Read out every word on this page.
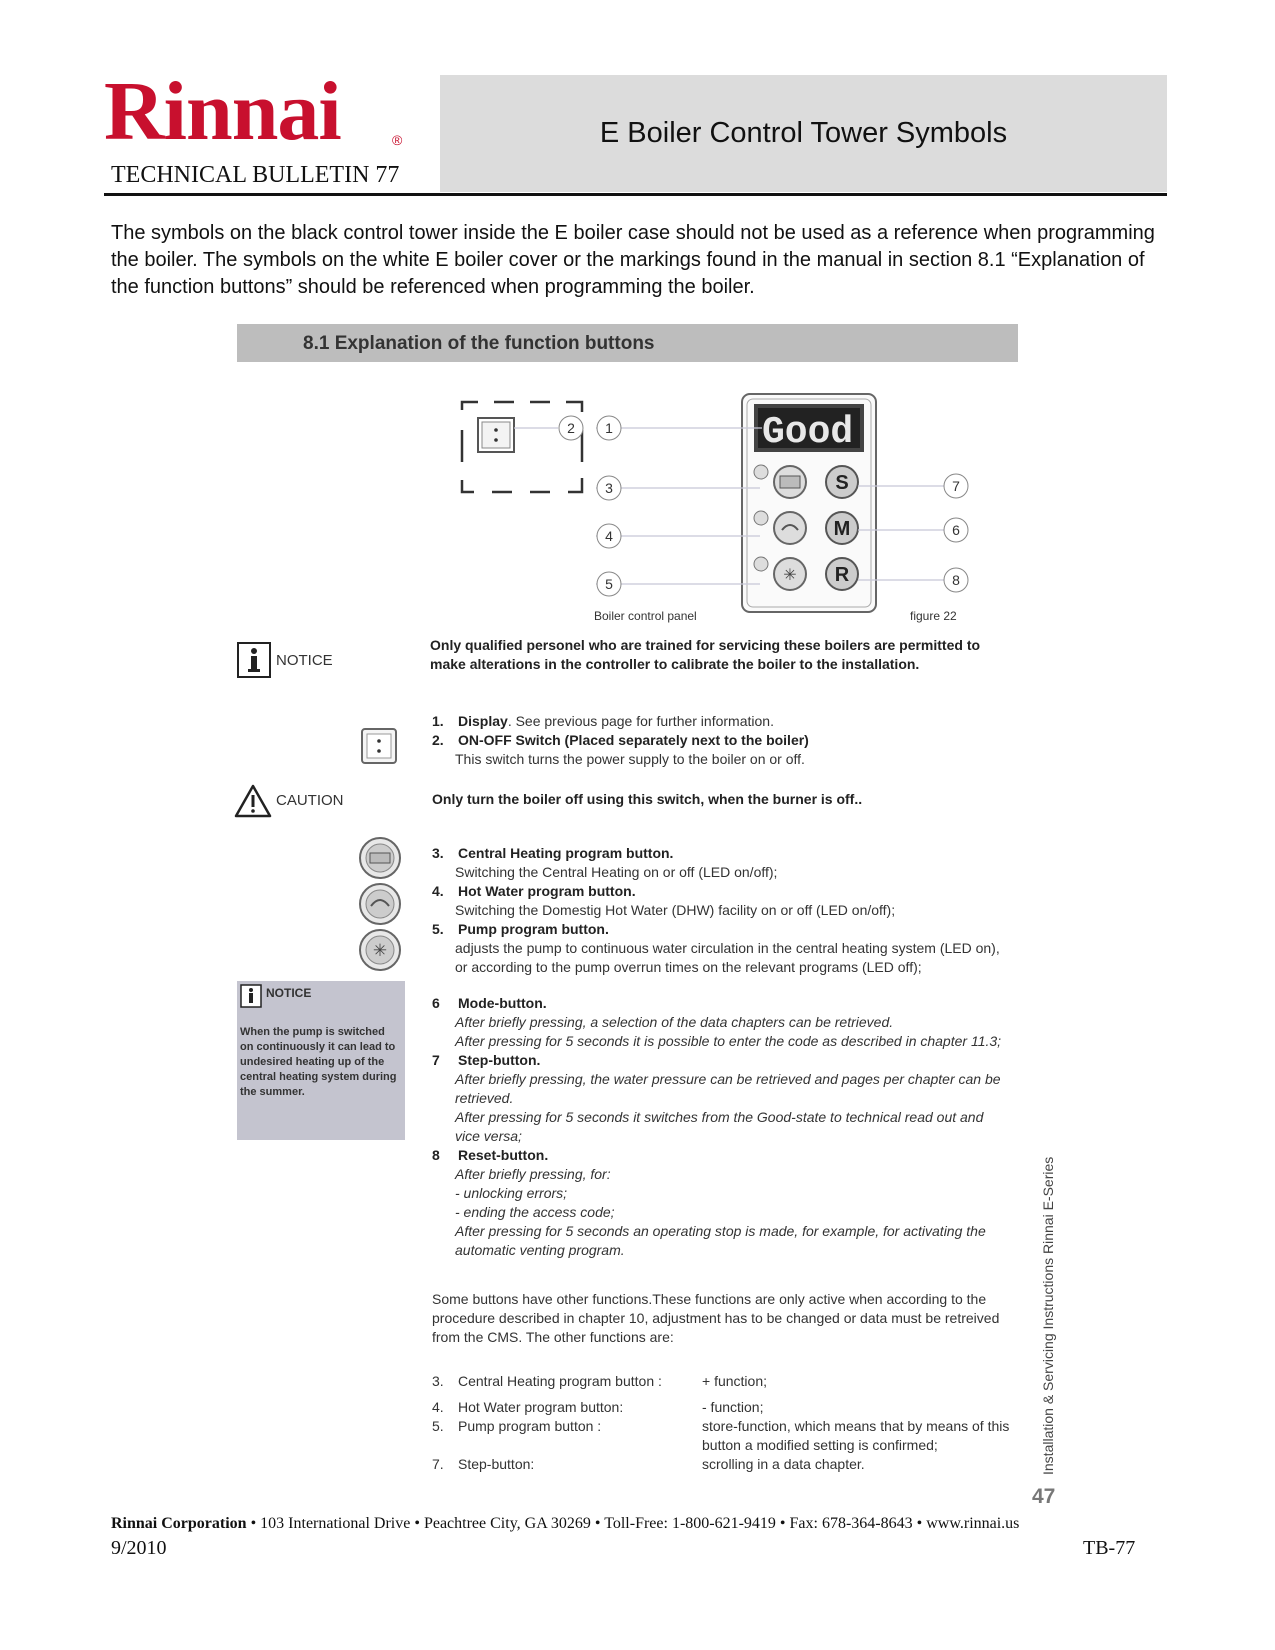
Rinnai	®
TECHNICAL BULLETIN 77
E Boiler Control Tower Symbols
The symbols on the black control tower inside the E boiler case should not be used as a reference when programming the boiler. The symbols on the white E boiler cover or the markings found in the manual in section 8.1 “Explanation of the function buttons” should be referenced when programming the boiler.
8.1 Explanation of the function buttons
Good
✳
S
M
R
1
2
3
4
5
6
7
8
Boiler control panel	figure 22
NOTICE
Only qualified personel who are trained for servicing these boilers are permitted to make alterations in the controller to calibrate the boiler to the installation.
1. Display. See previous page for further information.
2. ON-OFF Switch (Placed separately next to the boiler)
This switch turns the power supply to the boiler on or off.
CAUTION	Only turn the boiler off using this switch, when the burner is off..
✳
3. Central Heating program button.
Switching the Central Heating on or off (LED on/off);
4. Hot Water program button.
Switching the Domestig Hot Water (DHW) facility on or off (LED on/off);
5. Pump program button.
adjusts the pump to continuous water circulation in the central heating system (LED on), or according to the pump overrun times on the relevant programs (LED off);
NOTICE
When the pump is switched on continuously it can lead to undesired heating up of the central heating system during the summer.
6 Mode-button.
After briefly pressing, a selection of the data chapters can be retrieved.
After pressing for 5 seconds it is possible to enter the code as described in chapter 11.3;
7 Step-button.
After briefly pressing, the water pressure can be retrieved and pages per chapter can be retrieved.
After pressing for 5 seconds it switches from the Good-state to technical read out and vice versa;
8 Reset-button.
After briefly pressing, for:
- unlocking errors;
- ending the access code;
After pressing for 5 seconds an operating stop is made, for example, for activating the automatic venting program.
Some buttons have other functions.These functions are only active when according to the procedure described in chapter 10, adjustment has to be changed or data must be retreived from the CMS. The other functions are:
3.	Central Heating program button :	+ function;
4.	Hot Water program button:	- function;
5.	Pump program button :	store-function, which means that by means of this button a modified setting is confirmed;
7.	Step-button:	scrolling in a data chapter.	Installation & Servicing Instructions Rinnai E-Series
47
Rinnai Corporation • 103 International Drive • Peachtree City, GA 30269 • Toll-Free: 1-800-621-9419 • Fax: 678-364-8643 • www.rinnai.us
9/2010	TB-77
